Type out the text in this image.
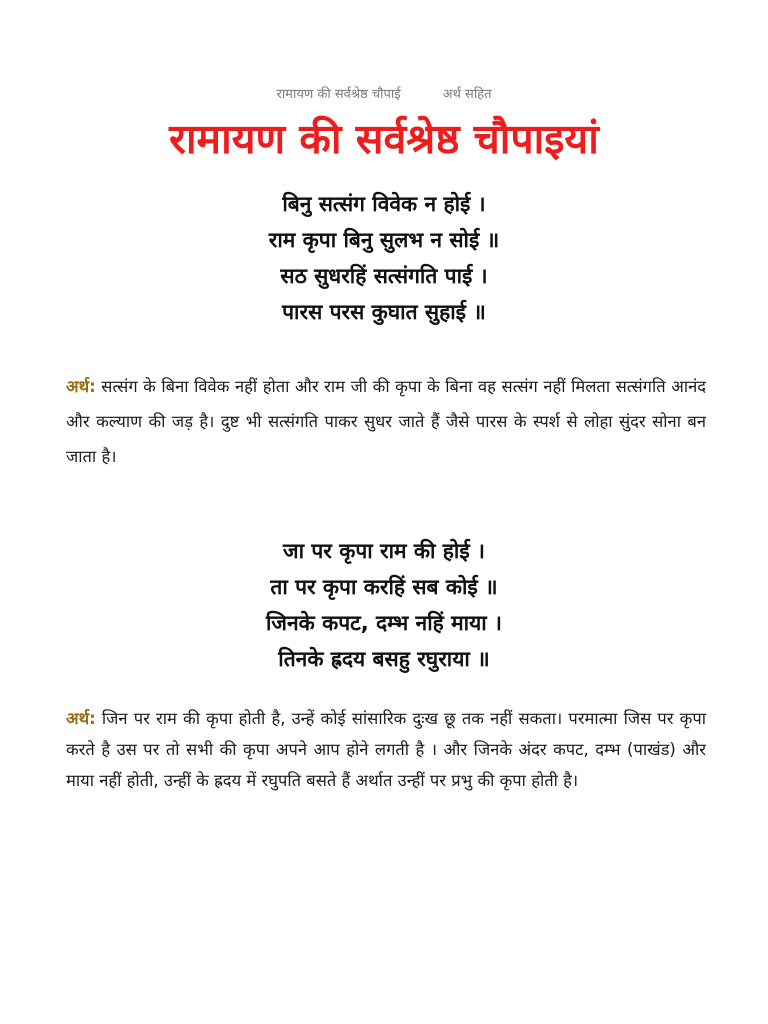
रामायण की सर्वश्रेष्ठ चौपाई	अर्थ सहित
रामायण की सर्वश्रेष्ठ चौपाइयां
बिनु सत्संग विवेक न होई ।
राम कृपा बिनु सुलभ न सोई ॥
सठ सुधरहिं सत्संगति पाई ।
पारस परस कुघात सुहाई ॥
अर्थ: सत्संग के बिना विवेक नहीं होता और राम जी की कृपा के बिना वह सत्संग नहीं मिलता सत्संगति आनंद और कल्याण की जड़ है। दुष्ट भी सत्संगति पाकर सुधर जाते हैं जैसे पारस के स्पर्श से लोहा सुंदर सोना बन जाता है।
जा पर कृपा राम की होई ।
ता पर कृपा करहिं सब कोई ॥
जिनके कपट, दम्भ नहिं माया ।
तिनके ह्रदय बसहु रघुराया ॥
अर्थ: जिन पर राम की कृपा होती है, उन्हें कोई सांसारिक दुःख छू तक नहीं सकता। परमात्मा जिस पर कृपा करते है उस पर तो सभी की कृपा अपने आप होने लगती है । और जिनके अंदर कपट, दम्भ (पाखंड) और माया नहीं होती, उन्हीं के ह्रदय में रघुपति बसते हैं अर्थात उन्हीं पर प्रभु की कृपा होती है।
